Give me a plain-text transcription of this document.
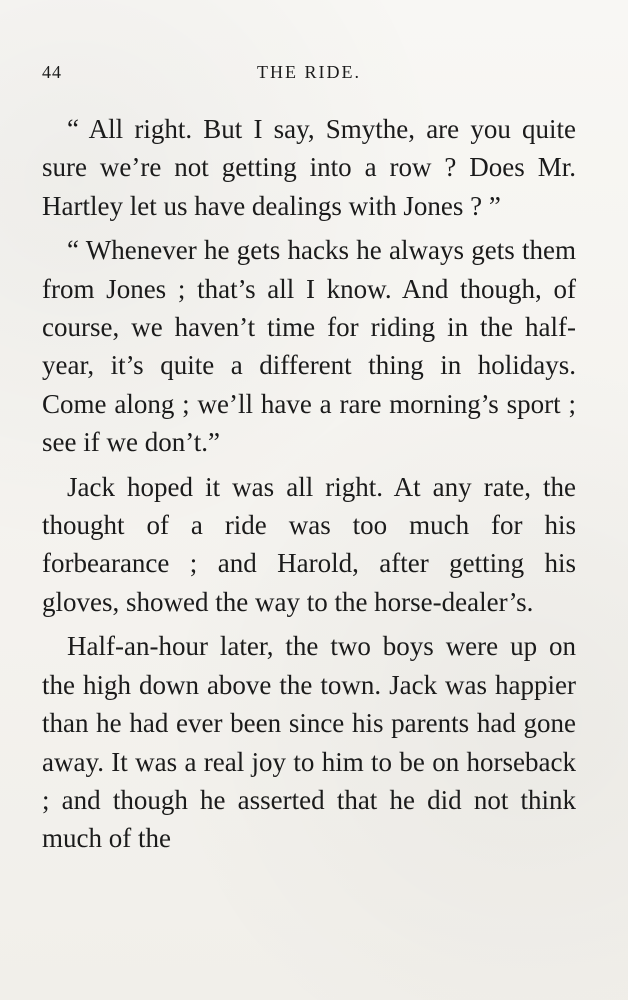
44	THE RIDE.

“ All right. But I say, Smythe, are you quite sure we’re not getting into a row ? Does Mr. Hartley let us have dealings with Jones ? ”

“ Whenever he gets hacks he always gets them from Jones ; that’s all I know. And though, of course, we haven’t time for riding in the half-year, it’s quite a different thing in holidays. Come along ; we’ll have a rare morning’s sport ; see if we don’t.”

Jack hoped it was all right. At any rate, the thought of a ride was too much for his forbearance ; and Harold, after getting his gloves, showed the way to the horse-dealer’s.

Half-an-hour later, the two boys were up on the high down above the town. Jack was happier than he had ever been since his parents had gone away. It was a real joy to him to be on horseback ; and though he asserted that he did not think much of the
